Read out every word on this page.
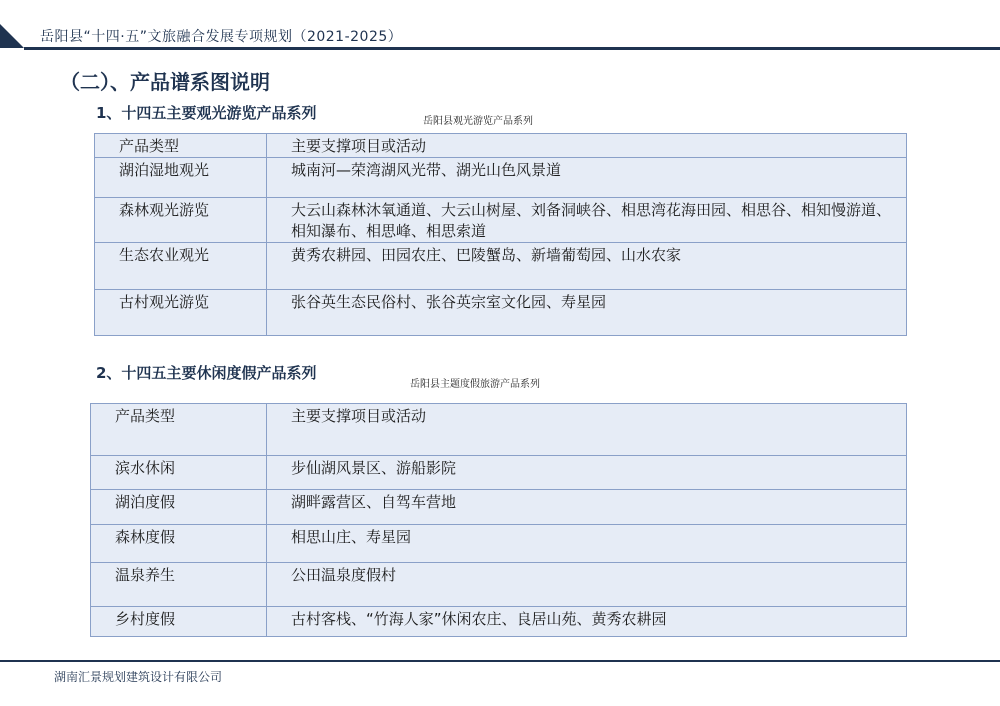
岳阳县“十四·五”文旅融合发展专项规划（2021-2025）
（二）、产品谱系图说明
1、十四五主要观光游览产品系列	岳阳县观光游览产品系列
产品类型	主要支撑项目或活动
湖泊湿地观光	城南河—荣湾湖风光带、湖光山色风景道
森林观光游览	大云山森林沐氧通道、大云山树屋、刘备洞峡谷、相思湾花海田园、相思谷、相知慢游道、相知瀑布、相思峰、相思索道
生态农业观光	黄秀农耕园、田园农庄、巴陵蟹岛、新墙葡萄园、山水农家
古村观光游览	张谷英生态民俗村、张谷英宗室文化园、寿星园
2、十四五主要休闲度假产品系列
岳阳县主题度假旅游产品系列
产品类型	主要支撑项目或活动
滨水休闲	步仙湖风景区、游船影院
湖泊度假	湖畔露营区、自驾车营地
森林度假	相思山庄、寿星园
温泉养生	公田温泉度假村
乡村度假	古村客栈、“竹海人家”休闲农庄、良居山苑、黄秀农耕园
湖南汇景规划建筑设计有限公司
